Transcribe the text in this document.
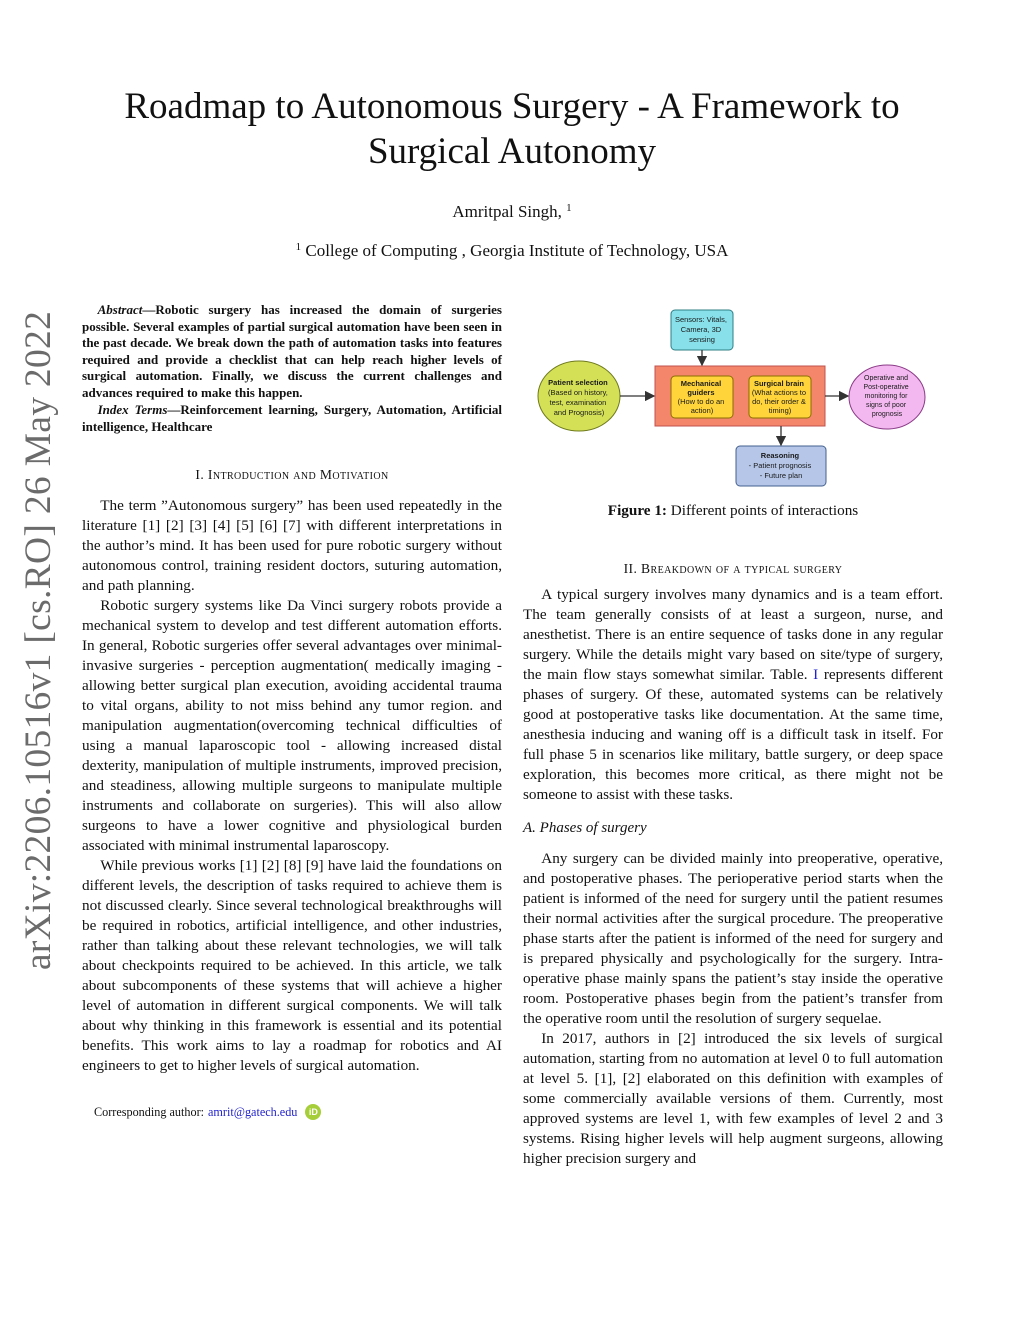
arXiv:2206.10516v1 [cs.RO] 26 May 2022
Roadmap to Autonomous Surgery - A Framework to Surgical Autonomy
Amritpal Singh, $^1$
$^1$ College of Computing , Georgia Institute of Technology, USA

Abstract—Robotic surgery has increased the domain of surgeries possible. Several examples of partial surgical automation have been seen in the past decade. We break down the path of automation tasks into features required and provide a checklist that can help reach higher levels of surgical automation. Finally, we discuss the current challenges and advances required to make this happen.

Index Terms—Reinforcement learning, Surgery, Automation, Artificial intelligence, Healthcare

I. Introduction and Motivation

The term ”Autonomous surgery” has been used repeatedly in the literature [1] [2] [3] [4] [5] [6] [7] with different interpretations in the author’s mind. It has been used for pure robotic surgery without autonomous control, training resident doctors, suturing automation, and path planning.

Robotic surgery systems like Da Vinci surgery robots provide a mechanical system to develop and test different automation efforts. In general, Robotic surgeries offer several advantages over minimal-invasive surgeries - perception augmentation( medically imaging - allowing better surgical plan execution, avoiding accidental trauma to vital organs, ability to not miss behind any tumor region. and manipulation augmentation(overcoming technical difficulties of using a manual laparoscopic tool - allowing increased distal dexterity, manipulation of multiple instruments, improved precision, and steadiness, allowing multiple surgeons to manipulate multiple instruments and collaborate on surgeries). This will also allow surgeons to have a lower cognitive and physiological burden associated with minimal instrumental laparoscopy.

While previous works [1] [2] [8] [9] have laid the foundations on different levels, the description of tasks required to achieve them is not discussed clearly. Since several technological breakthroughs will be required in robotics, artificial intelligence, and other industries, rather than talking about these relevant technologies, we will talk about checkpoints required to be achieved. In this article, we talk about subcomponents of these systems that will achieve a higher level of automation in different surgical components. We will talk about why thinking in this framework is essential and its potential benefits. This work aims to lay a roadmap for robotics and AI engineers to get to higher levels of surgical automation.

Corresponding author: amrit@gatech.edu	iD
Sensors: Vitals, Camera, 3D sensing
Patient selection (Based on history, test, examination and Prognosis)
Mechanical guiders (How to do an action)
Surgical brain (What actions to do, their order & timing)
Operative and Post-operative monitoring for signs of poor prognosis
Reasoning - Patient prognosis - Future plan
Figure 1: Different points of interactions
II. Breakdown of a typical surgery

A typical surgery involves many dynamics and is a team effort. The team generally consists of at least a surgeon, nurse, and anesthetist. There is an entire sequence of tasks done in any regular surgery. While the details might vary based on site/type of surgery, the main flow stays somewhat similar. Table. I represents different phases of surgery. Of these, automated systems can be relatively good at postoperative tasks like documentation. At the same time, anesthesia inducing and waning off is a difficult task in itself. For full phase 5 in scenarios like military, battle surgery, or deep space exploration, this becomes more critical, as there might not be someone to assist with these tasks.

A. Phases of surgery

Any surgery can be divided mainly into preoperative, operative, and postoperative phases. The perioperative period starts when the patient is informed of the need for surgery until the patient resumes their normal activities after the surgical procedure. The preoperative phase starts after the patient is informed of the need for surgery and is prepared physically and psychologically for the surgery. Intra-operative phase mainly spans the patient’s stay inside the operative room. Postoperative phases begin from the patient’s transfer from the operative room until the resolution of surgery sequelae.

In 2017, authors in [2] introduced the six levels of surgical automation, starting from no automation at level 0 to full automation at level 5. [1], [2] elaborated on this definition with examples of some commercially available versions of them. Currently, most approved systems are level 1, with few examples of level 2 and 3 systems. Rising higher levels will help augment surgeons, allowing higher precision surgery and
